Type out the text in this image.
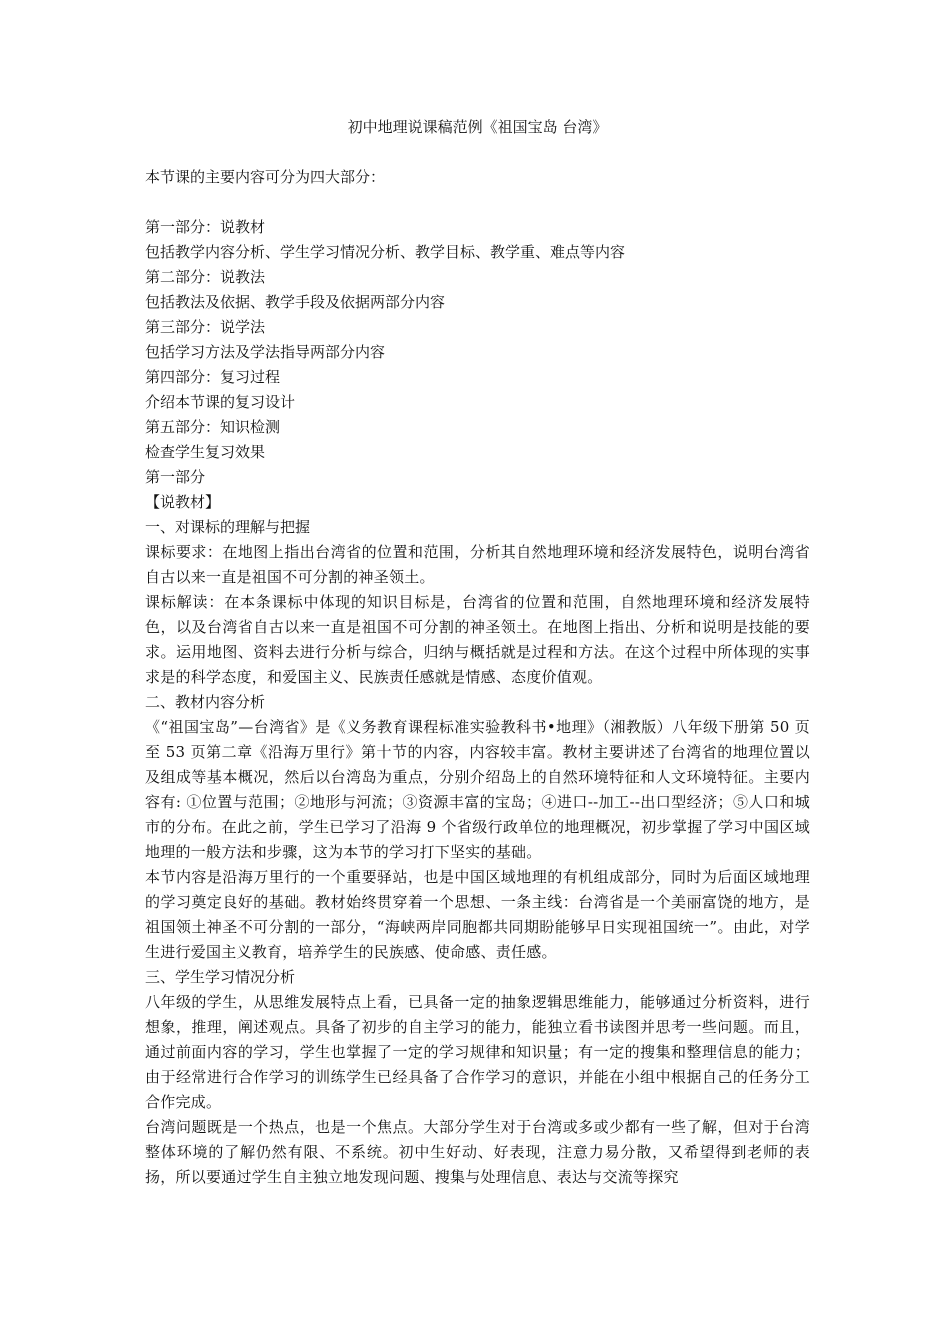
初中地理说课稿范例《祖国宝岛 台湾》

本节课的主要内容可分为四大部分：

第一部分：说教材

包括教学内容分析、学生学习情况分析、教学目标、教学重、难点等内容

第二部分：说教法

包括教法及依据、教学手段及依据两部分内容

第三部分：说学法

包括学习方法及学法指导两部分内容

第四部分：复习过程

介绍本节课的复习设计

第五部分：知识检测

检查学生复习效果

第一部分

【说教材】

一、对课标的理解与把握

课标要求：在地图上指出台湾省的位置和范围，分析其自然地理环境和经济发展特色，说明台湾省自古以来一直是祖国不可分割的神圣领土。

课标解读：在本条课标中体现的知识目标是，台湾省的位置和范围，自然地理环境和经济发展特色，以及台湾省自古以来一直是祖国不可分割的神圣领土。在地图上指出、分析和说明是技能的要求。运用地图、资料去进行分析与综合，归纳与概括就是过程和方法。在这个过程中所体现的实事求是的科学态度，和爱国主义、民族责任感就是情感、态度价值观。

二、教材内容分析

《“祖国宝岛”—台湾省》是《义务教育课程标准实验教科书•地理》（湘教版）八年级下册第 50 页至 53 页第二章《沿海万里行》第十节的内容，内容较丰富。教材主要讲述了台湾省的地理位置以及组成等基本概况，然后以台湾岛为重点，分别介绍岛上的自然环境特征和人文环境特征。主要内容有: ①位置与范围；②地形与河流；③资源丰富的宝岛；④进口--加工--出口型经济；⑤人口和城市的分布。在此之前，学生已学习了沿海 9 个省级行政单位的地理概况，初步掌握了学习中国区域地理的一般方法和步骤，这为本节的学习打下坚实的基础。

本节内容是沿海万里行的一个重要驿站，也是中国区域地理的有机组成部分，同时为后面区域地理的学习奠定良好的基础。教材始终贯穿着一个思想、一条主线：台湾省是一个美丽富饶的地方，是祖国领土神圣不可分割的一部分，“海峡两岸同胞都共同期盼能够早日实现祖国统一”。由此，对学生进行爱国主义教育，培养学生的民族感、使命感、责任感。

三、学生学习情况分析

八年级的学生，从思维发展特点上看，已具备一定的抽象逻辑思维能力，能够通过分析资料，进行想象，推理，阐述观点。具备了初步的自主学习的能力，能独立看书读图并思考一些问题。而且，通过前面内容的学习，学生也掌握了一定的学习规律和知识量；有一定的搜集和整理信息的能力；由于经常进行合作学习的训练学生已经具备了合作学习的意识，并能在小组中根据自己的任务分工合作完成。

台湾问题既是一个热点，也是一个焦点。大部分学生对于台湾或多或少都有一些了解，但对于台湾整体环境的了解仍然有限、不系统。初中生好动、好表现，注意力易分散，又希望得到老师的表扬，所以要通过学生自主独立地发现问题、搜集与处理信息、表达与交流等探究
